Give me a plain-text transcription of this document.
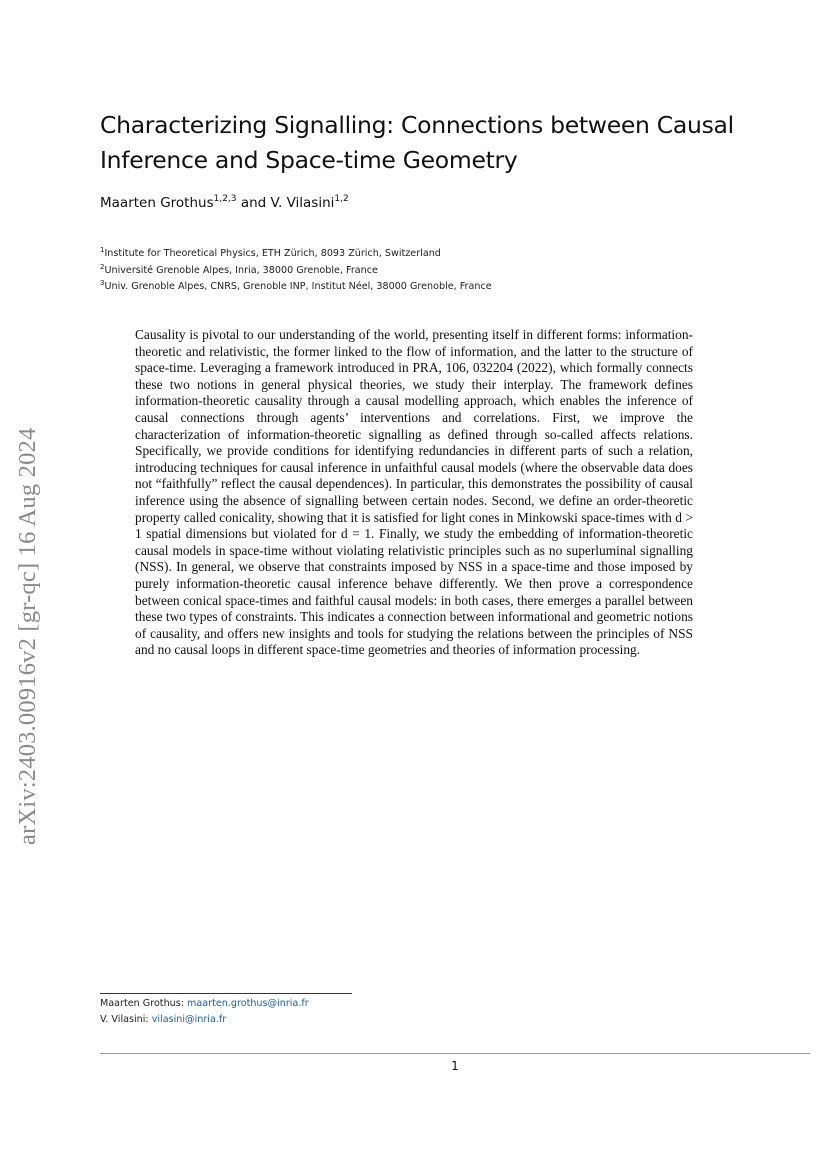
arXiv:2403.00916v2 [gr-qc] 16 Aug 2024
Characterizing Signalling: Connections between Causal Inference and Space-time Geometry
Maarten Grothus$^{1,2,3}$ and V. Vilasini$^{1,2}$
$^1$Institute for Theoretical Physics, ETH Zürich, 8093 Zürich, Switzerland
$^2$Université Grenoble Alpes, Inria, 38000 Grenoble, France
$^3$Univ. Grenoble Alpes, CNRS, Grenoble INP, Institut Néel, 38000 Grenoble, France

Causality is pivotal to our understanding of the world, presenting itself in different forms: information-theoretic and relativistic, the former linked to the flow of information, and the latter to the structure of space-time. Leveraging a framework introduced in PRA, 106, 032204 (2022), which formally connects these two notions in general physical theories, we study their interplay. The framework defines information-theoretic causality through a causal modelling approach, which enables the inference of causal connections through agents’ interventions and correlations. First, we improve the characterization of information-theoretic signalling as defined through so-called affects relations. Specifically, we provide conditions for identifying redundancies in different parts of such a relation, introducing techniques for causal inference in unfaithful causal models (where the observable data does not “faithfully” reflect the causal dependences). In particular, this demonstrates the possibility of causal inference using the absence of signalling between certain nodes. Second, we define an order-theoretic property called conicality, showing that it is satisfied for light cones in Minkowski space-times with d > 1 spatial dimensions but violated for d = 1. Finally, we study the embedding of information-theoretic causal models in space-time without violating relativistic principles such as no superluminal signalling (NSS). In general, we observe that constraints imposed by NSS in a space-time and those imposed by purely information-theoretic causal inference behave differently. We then prove a correspondence between conical space-times and faithful causal models: in both cases, there emerges a parallel between these two types of constraints. This indicates a connection between informational and geometric notions of causality, and offers new insights and tools for studying the relations between the principles of NSS and no causal loops in different space-time geometries and theories of information processing.

Maarten Grothus: maarten.grothus@inria.fr
V. Vilasini: vilasini@inria.fr
1
